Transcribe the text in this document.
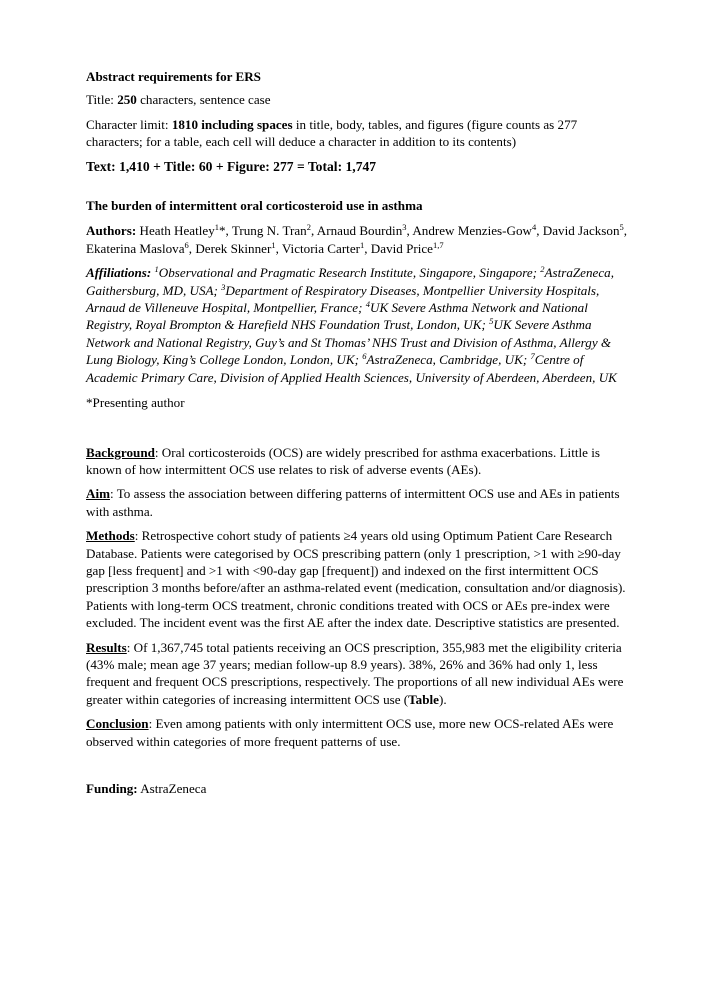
Abstract requirements for ERS

Title: 250 characters, sentence case

Character limit: 1810 including spaces in title, body, tables, and figures (figure counts as 277 characters; for a table, each cell will deduce a character in addition to its contents)

Text: 1,410 + Title: 60 + Figure: 277 = Total: 1,747

The burden of intermittent oral corticosteroid use in asthma

Authors: Heath Heatley$^1$*, Trung N. Tran$^2$, Arnaud Bourdin$^3$, Andrew Menzies-Gow$^4$, David Jackson$^5$, Ekaterina Maslova$^6$, Derek Skinner$^1$, Victoria Carter$^1$, David Price$^{1,7}$

Affiliations: $^1$Observational and Pragmatic Research Institute, Singapore, Singapore; $^2$AstraZeneca, Gaithersburg, MD, USA; $^3$Department of Respiratory Diseases, Montpellier University Hospitals, Arnaud de Villeneuve Hospital, Montpellier, France; $^4$UK Severe Asthma Network and National Registry, Royal Brompton & Harefield NHS Foundation Trust, London, UK; $^5$UK Severe Asthma Network and National Registry, Guy’s and St Thomas’ NHS Trust and Division of Asthma, Allergy & Lung Biology, King’s College London, London, UK; $^6$AstraZeneca, Cambridge, UK; $^7$Centre of Academic Primary Care, Division of Applied Health Sciences, University of Aberdeen, Aberdeen, UK

*Presenting author

Background: Oral corticosteroids (OCS) are widely prescribed for asthma exacerbations. Little is known of how intermittent OCS use relates to risk of adverse events (AEs).

Aim: To assess the association between differing patterns of intermittent OCS use and AEs in patients with asthma.

Methods: Retrospective cohort study of patients ≥4 years old using Optimum Patient Care Research Database. Patients were categorised by OCS prescribing pattern (only 1 prescription, >1 with ≥90-day gap [less frequent] and >1 with <90-day gap [frequent]) and indexed on the first intermittent OCS prescription 3 months before/after an asthma-related event (medication, consultation and/or diagnosis). Patients with long-term OCS treatment, chronic conditions treated with OCS or AEs pre-index were excluded. The incident event was the first AE after the index date. Descriptive statistics are presented.

Results: Of 1,367,745 total patients receiving an OCS prescription, 355,983 met the eligibility criteria (43% male; mean age 37 years; median follow-up 8.9 years). 38%, 26% and 36% had only 1, less frequent and frequent OCS prescriptions, respectively. The proportions of all new individual AEs were greater within categories of increasing intermittent OCS use (Table).

Conclusion: Even among patients with only intermittent OCS use, more new OCS-related AEs were observed within categories of more frequent patterns of use.

Funding: AstraZeneca
